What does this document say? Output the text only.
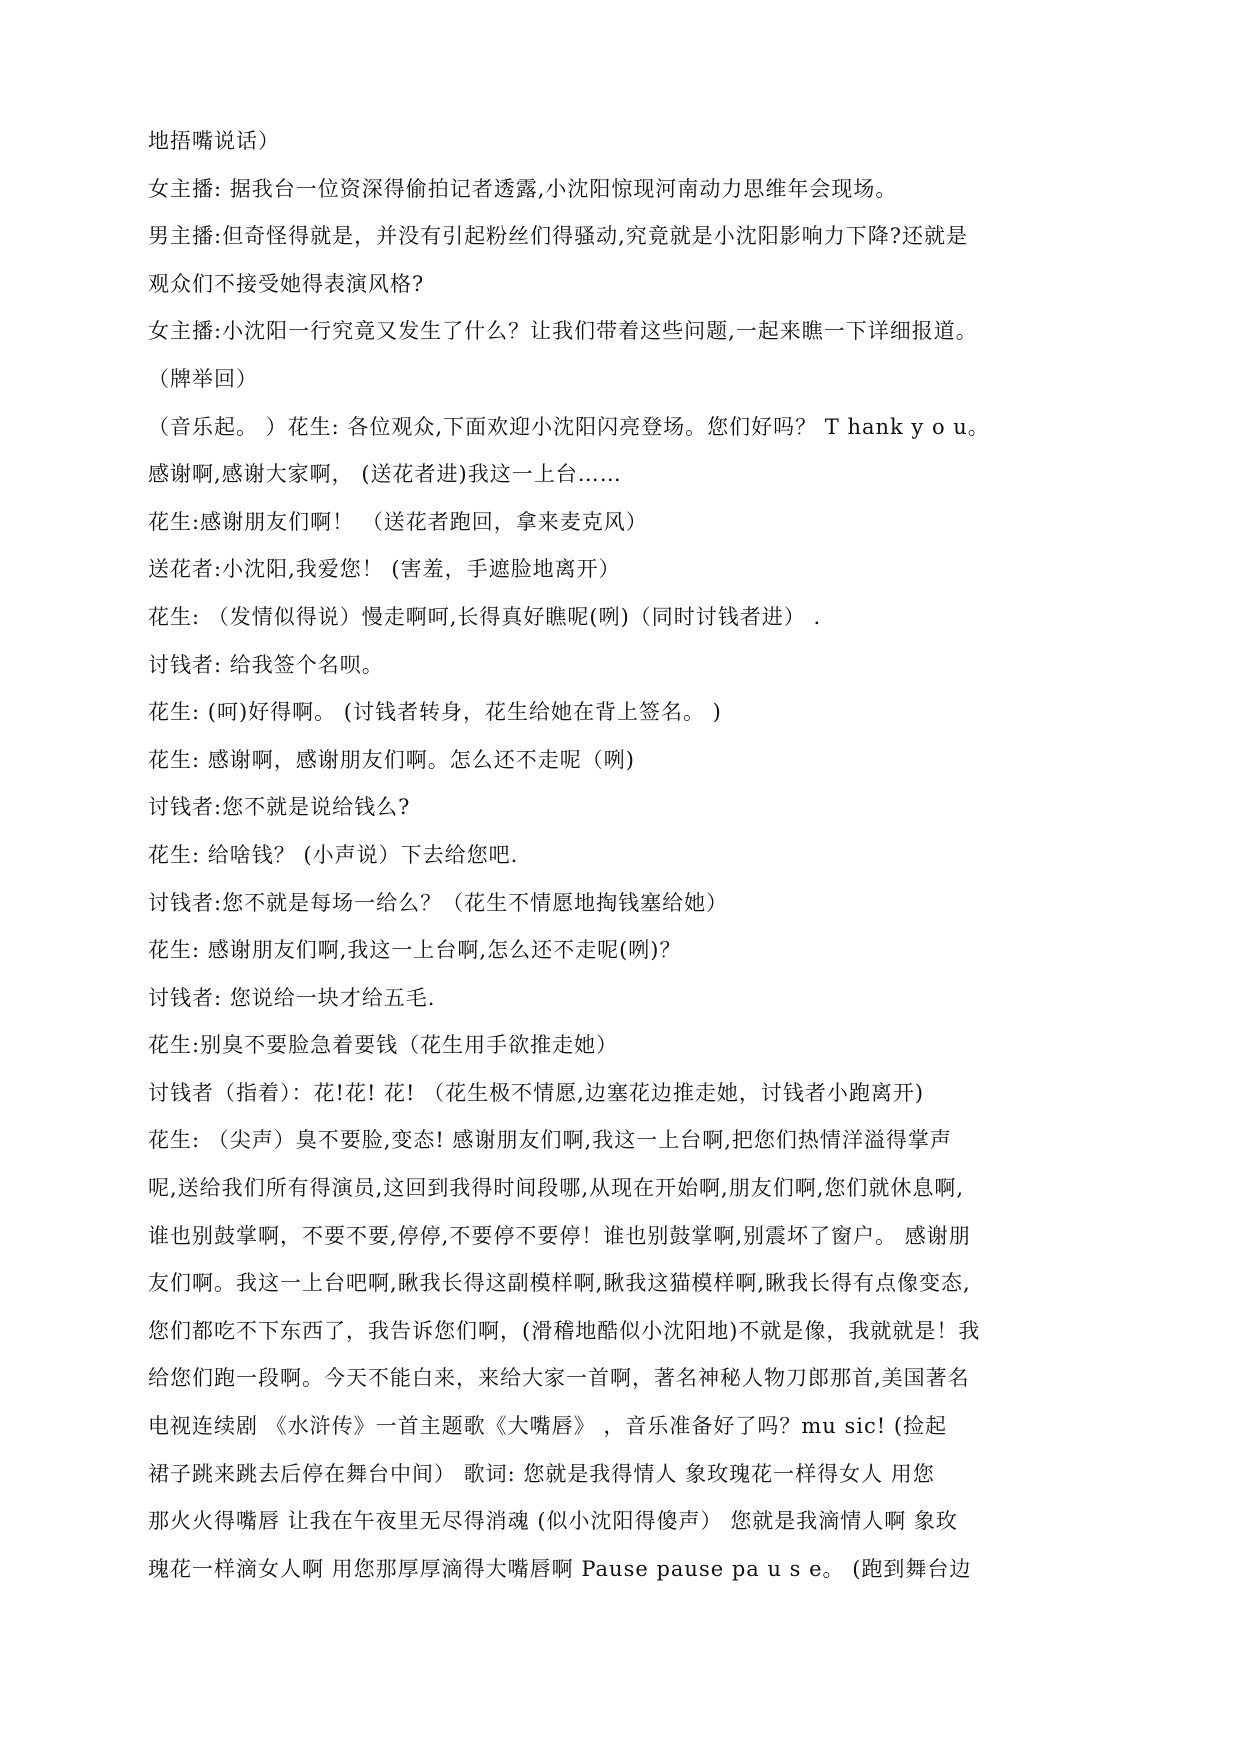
地捂嘴说话）
女主播: 据我台一位资深得偷拍记者透露,小沈阳惊现河南动力思维年会现场。
男主播:但奇怪得就是，并没有引起粉丝们得骚动,究竟就是小沈阳影响力下降?还就是
观众们不接受她得表演风格?
女主播:小沈阳一行究竟又发生了什么？让我们带着这些问题,一起来瞧一下详细报道。
（牌举回）
（音乐起。 ）花生: 各位观众,下面欢迎小沈阳闪亮登场。您们好吗？ T hank y o u。
感谢啊,感谢大家啊， (送花者进)我这一上台……
花生:感谢朋友们啊！ （送花者跑回，拿来麦克风）
送花者:小沈阳,我爱您！ (害羞，手遮脸地离开）
花生: （发情似得说）慢走啊呵,长得真好瞧呢(咧)（同时讨钱者进） .
讨钱者: 给我签个名呗。
花生: (呵)好得啊。 (讨钱者转身，花生给她在背上签名。 )
花生: 感谢啊，感谢朋友们啊。怎么还不走呢（咧)
讨钱者:您不就是说给钱么?
花生: 给啥钱？ (小声说）下去给您吧.
讨钱者:您不就是每场一给么？（花生不情愿地掏钱塞给她）
花生: 感谢朋友们啊,我这一上台啊,怎么还不走呢(咧)？
讨钱者: 您说给一块才给五毛.
花生:别臭不要脸急着要钱（花生用手欲推走她）
讨钱者（指着）：花!花! 花! （花生极不情愿,边塞花边推走她，讨钱者小跑离开)
花生: （尖声）臭不要脸,变态! 感谢朋友们啊,我这一上台啊,把您们热情洋溢得掌声
呢,送给我们所有得演员,这回到我得时间段哪,从现在开始啊,朋友们啊,您们就休息啊,
谁也别鼓掌啊，不要不要,停停,不要停不要停！谁也别鼓掌啊,别震坏了窗户。 感谢朋
友们啊。我这一上台吧啊,瞅我长得这副模样啊,瞅我这猫模样啊,瞅我长得有点像变态,
您们都吃不下东西了，我告诉您们啊，(滑稽地酷似小沈阳地)不就是像，我就就是！我
给您们跑一段啊。今天不能白来，来给大家一首啊，著名神秘人物刀郎那首,美国著名
电视连续剧 《水浒传》一首主题歌《大嘴唇》 ，音乐准备好了吗？mu sic! (捡起
裙子跳来跳去后停在舞台中间） 歌词: 您就是我得情人 象玫瑰花一样得女人 用您
那火火得嘴唇 让我在午夜里无尽得消魂 (似小沈阳得傻声） 您就是我滴情人啊 象玫
瑰花一样滴女人啊 用您那厚厚滴得大嘴唇啊 Pause pause pa u s e。 (跑到舞台边
